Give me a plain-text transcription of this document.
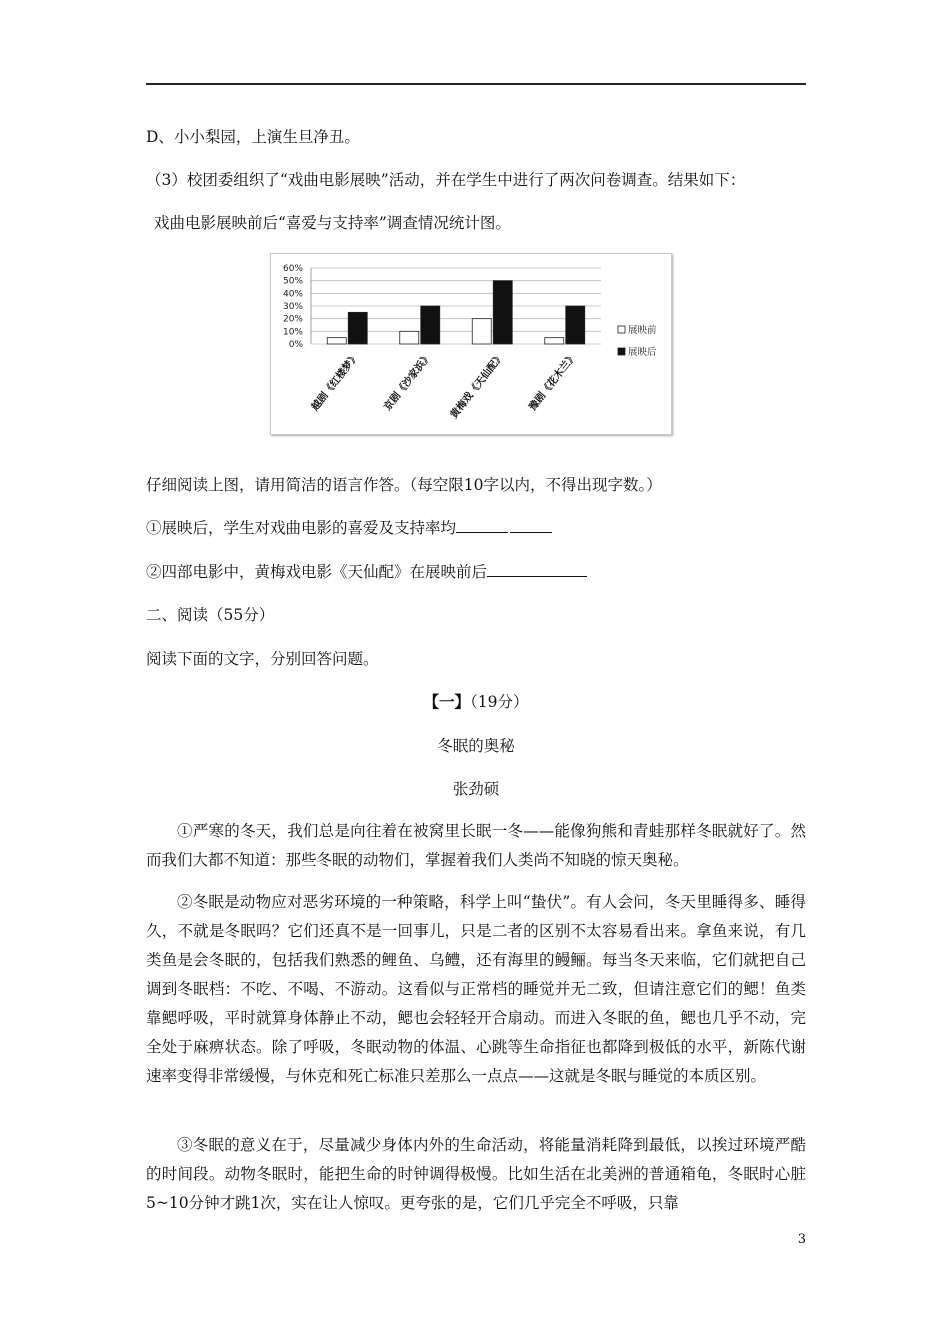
D、小小梨园，上演生旦净丑。
（3）校团委组织了“戏曲电影展映”活动，并在学生中进行了两次问卷调查。结果如下：
戏曲电影展映前后“喜爱与支持率”调查情况统计图。
60%
50%
40%
30%
20%
10%
0%
越剧《红楼梦》 京剧《沙家浜》 黄梅戏《天仙配》 豫剧《花木兰》
展映前
展映后
仔细阅读上图，请用简洁的语言作答。（每空限10字以内，不得出现字数。）
①展映后，学生对戏曲电影的喜爱及支持率均
②四部电影中，黄梅戏电影《天仙配》在展映前后
二、阅读（55分）
阅读下面的文字，分别回答问题。
【一】（19分）
冬眠的奥秘
张劲硕
①严寒的冬天，我们总是向往着在被窝里长眠一冬——能像狗熊和青蛙那样冬眠就好了。然而我们大都不知道：那些冬眠的动物们，掌握着我们人类尚不知晓的惊天奥秘。
②冬眠是动物应对恶劣环境的一种策略，科学上叫“蛰伏”。有人会问，冬天里睡得多、睡得久，不就是冬眠吗？它们还真不是一回事儿，只是二者的区别不太容易看出来。拿鱼来说，有几类鱼是会冬眠的，包括我们熟悉的鲤鱼、乌鳢，还有海里的鳗鲡。每当冬天来临，它们就把自己调到冬眠档：不吃、不喝、不游动。这看似与正常档的睡觉并无二致，但请注意它们的鳃！鱼类靠鳃呼吸，平时就算身体静止不动，鳃也会轻轻开合扇动。而进入冬眠的鱼，鳃也几乎不动，完全处于麻痹状态。除了呼吸，冬眠动物的体温、心跳等生命指征也都降到极低的水平，新陈代谢速率变得非常缓慢，与休克和死亡标准只差那么一点点——这就是冬眠与睡觉的本质区别。
③冬眠的意义在于，尽量减少身体内外的生命活动，将能量消耗降到最低，以挨过环境严酷的时间段。动物冬眠时，能把生命的时钟调得极慢。比如生活在北美洲的普通箱龟，冬眠时心脏5~10分钟才跳1次，实在让人惊叹。更夸张的是，它们几乎完全不呼吸，只靠
3
